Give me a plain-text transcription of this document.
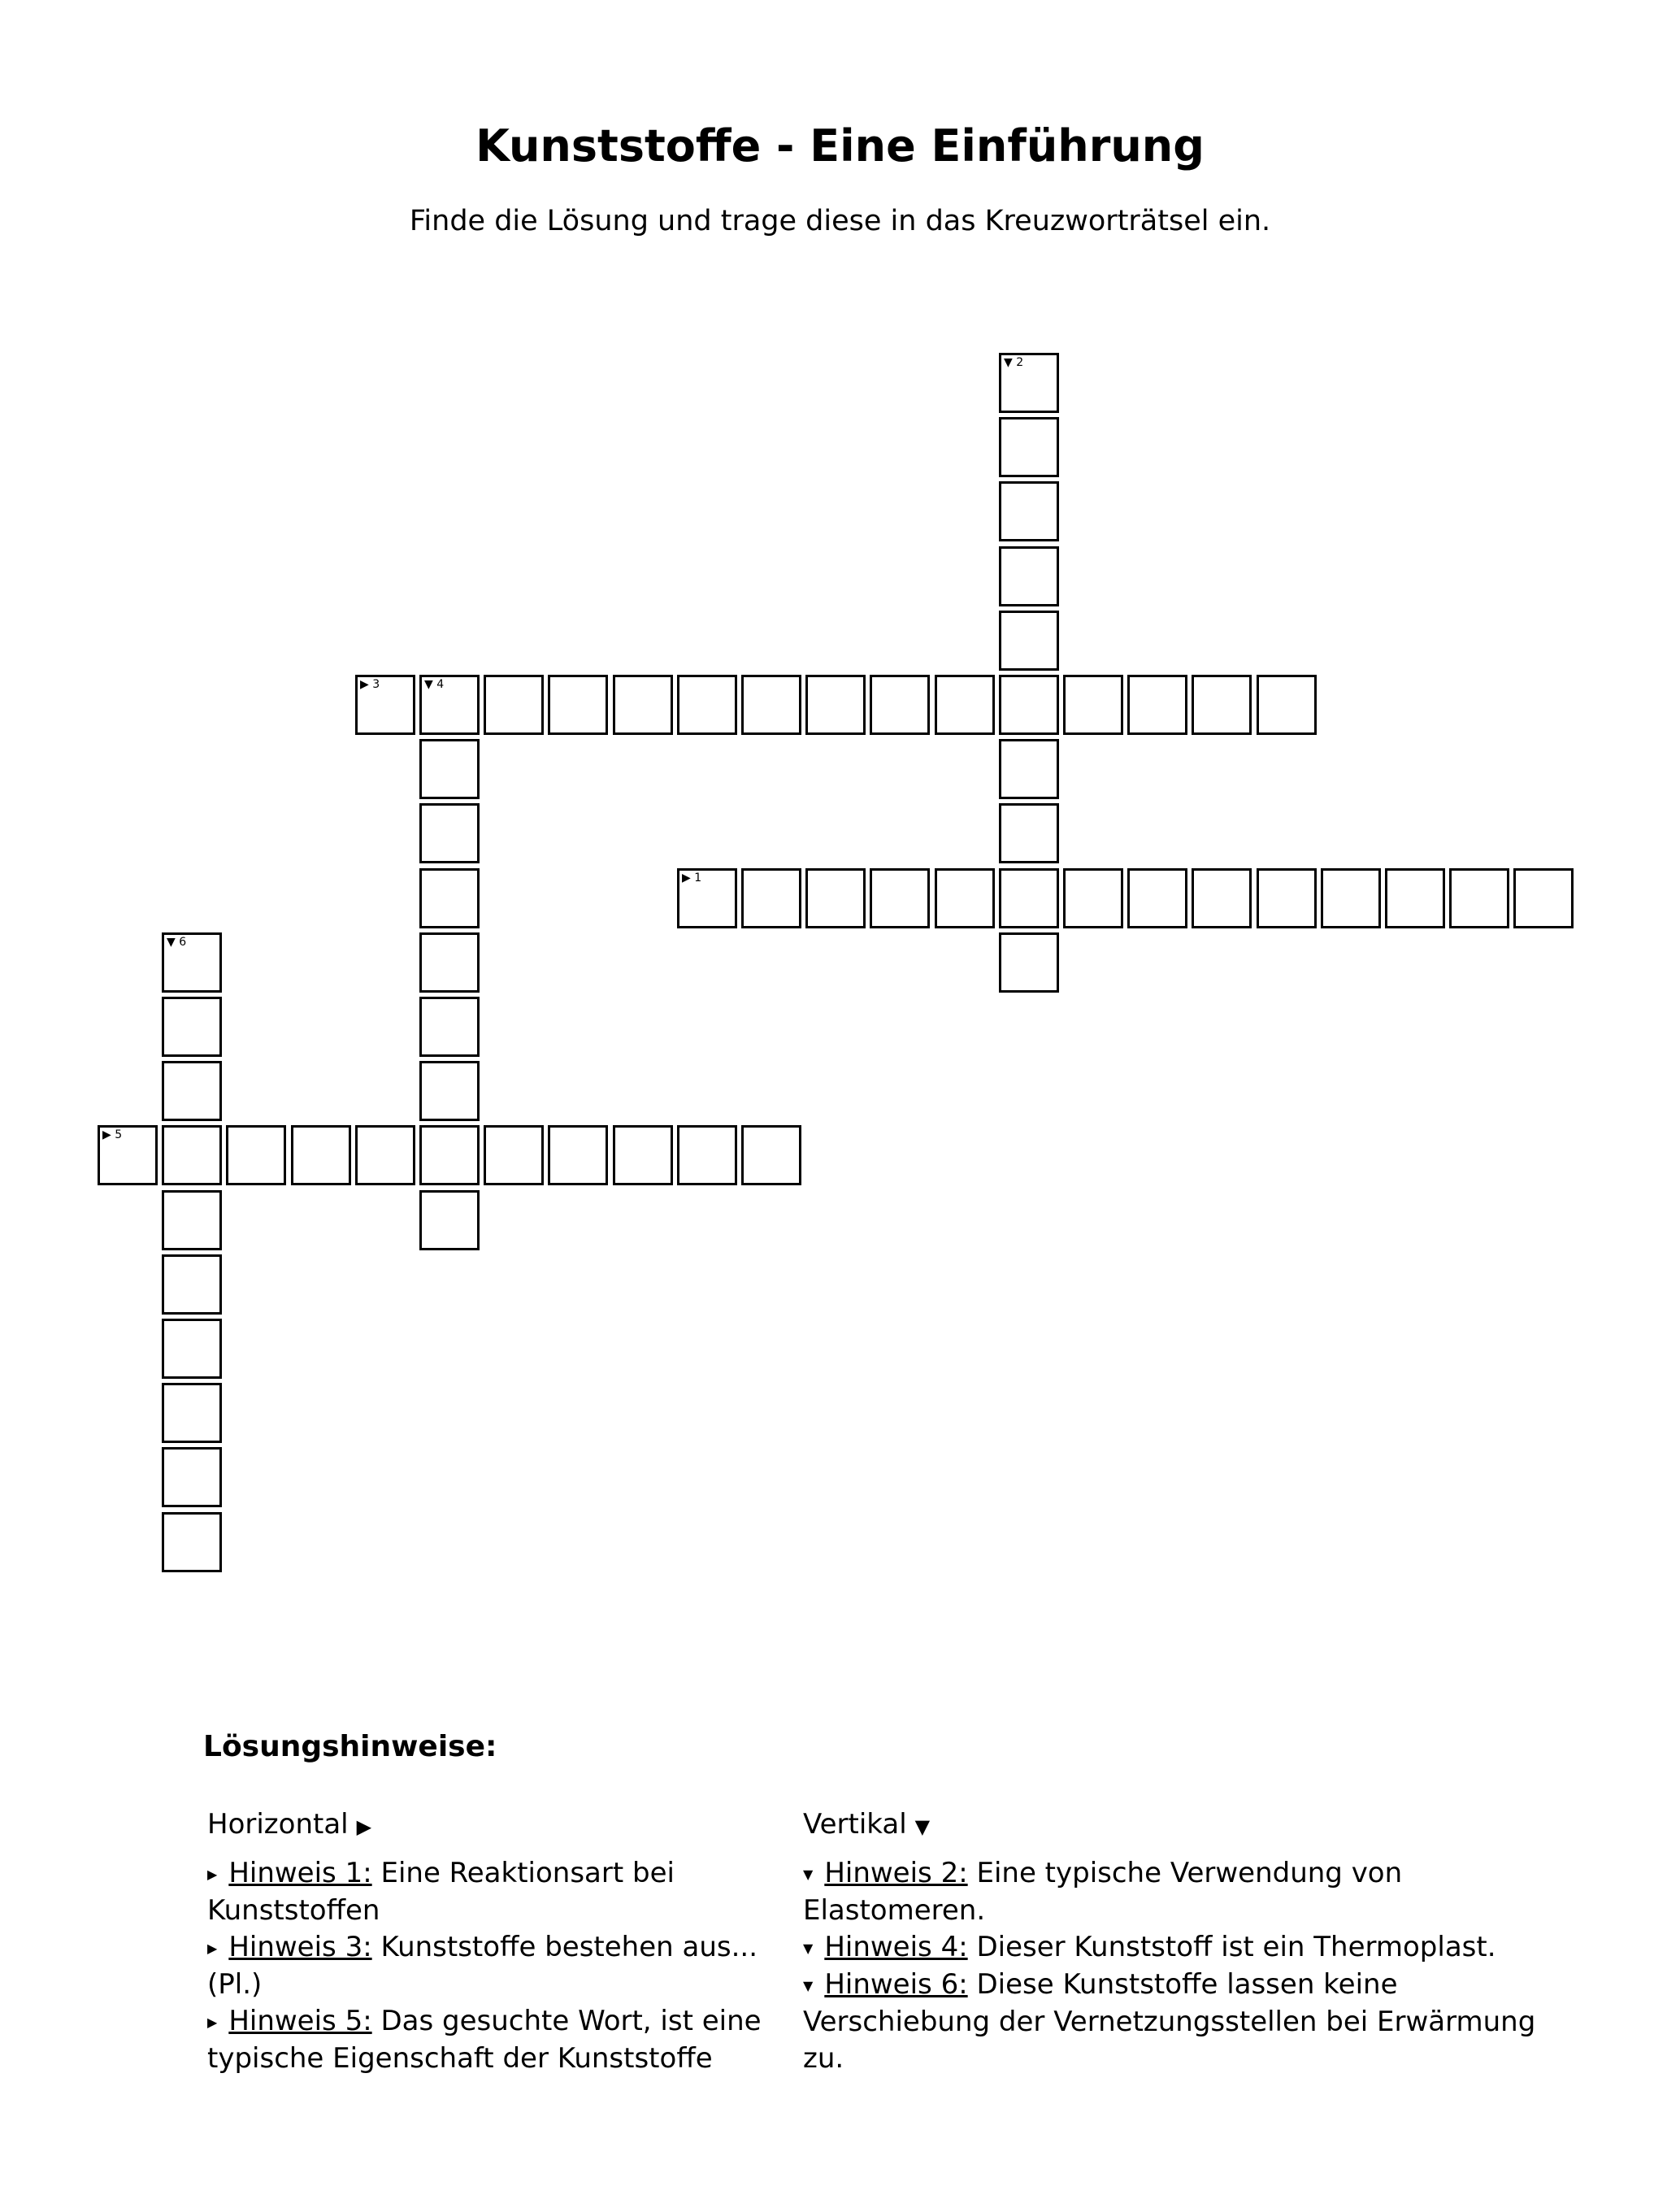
Kunststoffe - Eine Einführung
Finde die Lösung und trage diese in das Kreuzworträtsel ein.
▶ 1
▼ 2
▶ 3	▼ 4
▶ 5
▼ 6
Lösungshinweise:
Horizontal ▶

▶ Hinweis 1: Eine Reaktionsart bei Kunststoffen

▶ Hinweis 3: Kunststoffe bestehen aus... (Pl.)

▶ Hinweis 5: Das gesuchte Wort, ist eine typische Eigenschaft der Kunststoffe

Vertikal ▼

▼ Hinweis 2: Eine typische Verwendung von Elastomeren.

▼ Hinweis 4: Dieser Kunststoff ist ein Thermoplast.

▼ Hinweis 6: Diese Kunststoffe lassen keine Verschiebung der Vernetzungsstellen bei Erwärmung zu.
